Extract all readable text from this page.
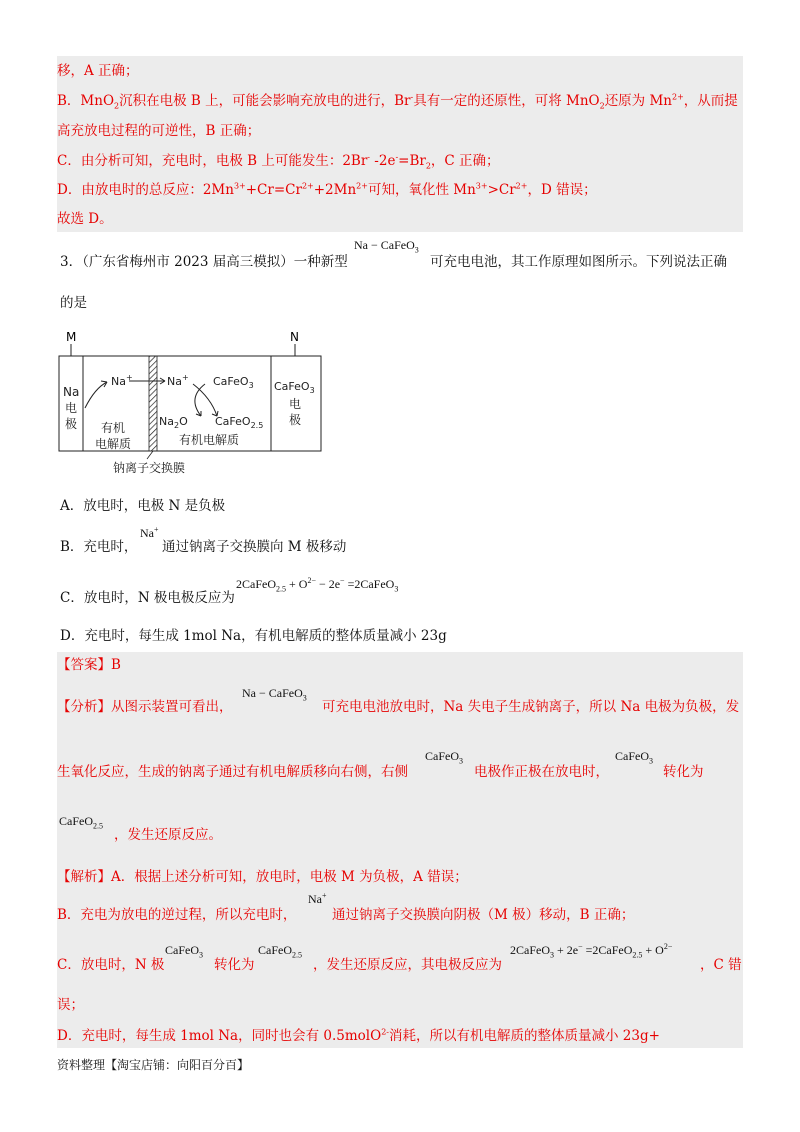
移，A 正确；
B．MnO$_2$沉积在电极 B 上，可能会影响充放电的进行，Br-具有一定的还原性，可将 MnO$_2$还原为 $Mn^{2+}$，从而提
高充放电过程的可逆性，B 正确；
C．由分析可知，充电时，电极 B 上可能发生：2Br- $-2e^-=Br_2$，C 正确；
D．由放电时的总反应：$2Mn^{3+}+Cr=Cr^{2+}+2Mn^{2+}$可知，氧化性 $Mn^{3+}>Cr^{2+}$，D 错误；
故选 D。
3．（广东省梅州市 2023 届高三模拟）一种新型
Na − CaFeO$_3$
可充电电池，其工作原理如图所示。下列说法正确
的是
M	N
Na
电
极 有机
电解质	有机电解质
CaFeO$_3$
电
极
Na+	Na+ CaFeO$_3$
$Na_2O$ CaFeO$_{2.5}$
钠离子交换膜
A．放电时，电极 N 是负极
B．充电时，
Na+
通过钠离子交换膜向 M 极移动
C．放电时，N 极电极反应为
2CaFeO$_{2.5}$ + $O^{2-} - 2e^-$ =2CaFeO$_3$
D．充电时，每生成 1mol Na，有机电解质的整体质量减小 23g
【答案】B
【分析】从图示装置可看出，
Na − CaFeO$_3$
可充电电池放电时，Na 失电子生成钠离子，所以 Na 电极为负极，发
生氧化反应，生成的钠离子通过有机电解质移向右侧，右侧
CaFeO$_3$
电极作正极在放电时，
CaFeO$_3$
转化为
CaFeO$_{2.5}$
，发生还原反应。
【解析】A．根据上述分析可知，放电时，电极 M 为负极，A 错误；
B．充电为放电的逆过程，所以充电时，
Na+
通过钠离子交换膜向阴极（M 极）移动，B 正确；
C．放电时，N 极
CaFeO$_3$
转化为
CaFeO$_{2.5}$
，发生还原反应，其电极反应为
2CaFeO$_3$ + 2e− =2CaFeO$_{2.5}$ + $O^{2-}$
，C 错
误；
D．充电时，每生成 1mol Na，同时也会有 0.5molO$^{2-}$消耗，所以有机电解质的整体质量减小 23g+
资料整理【淘宝店铺：向阳百分百】
